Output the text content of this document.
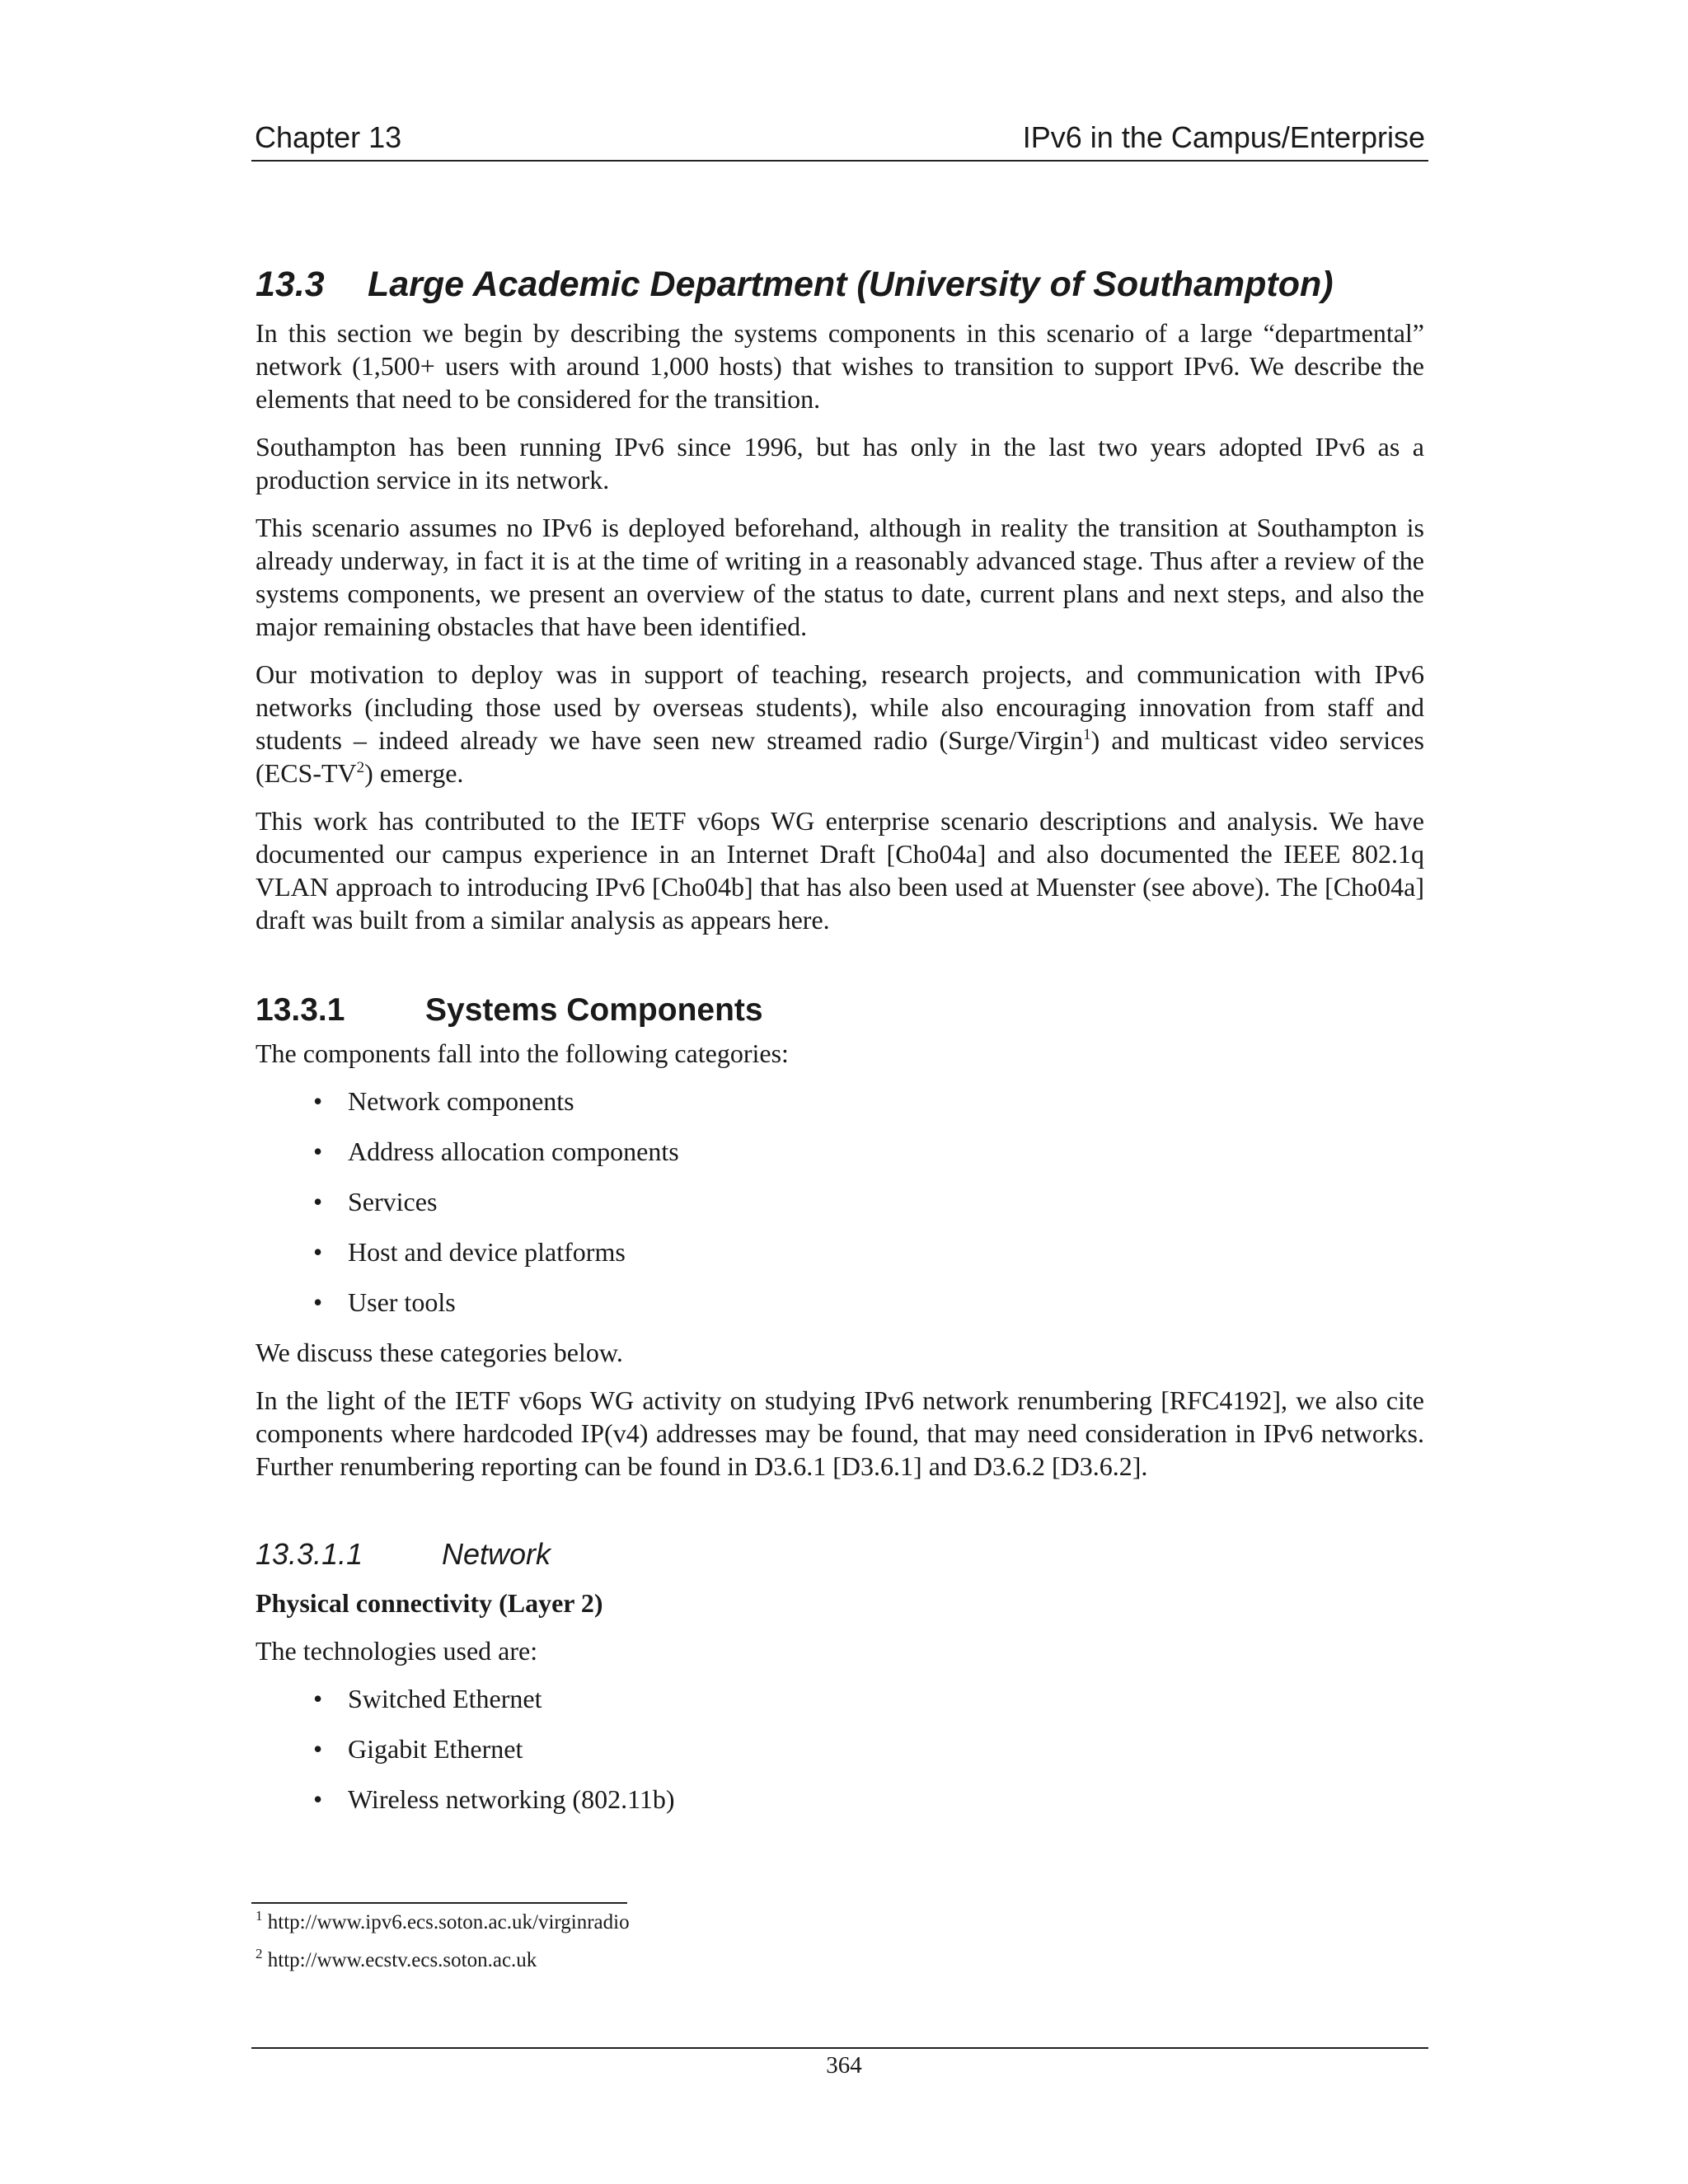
Chapter 13	IPv6 in the Campus/Enterprise
13.3 Large Academic Department (University of Southampton)

In this section we begin by describing the systems components in this scenario of a large “departmental” network (1,500+ users with around 1,000 hosts) that wishes to transition to support IPv6. We describe the elements that need to be considered for the transition.

Southampton has been running IPv6 since 1996, but has only in the last two years adopted IPv6 as a production service in its network.

This scenario assumes no IPv6 is deployed beforehand, although in reality the transition at Southampton is already underway, in fact it is at the time of writing in a reasonably advanced stage. Thus after a review of the systems components, we present an overview of the status to date, current plans and next steps, and also the major remaining obstacles that have been identified.

Our motivation to deploy was in support of teaching, research projects, and communication with IPv6 networks (including those used by overseas students), while also encouraging innovation from staff and students – indeed already we have seen new streamed radio (Surge/Virgin$^1$) and multicast video services $(ECS-TV^2)$ emerge.

This work has contributed to the IETF v6ops WG enterprise scenario descriptions and analysis. We have documented our campus experience in an Internet Draft [Cho04a] and also documented the IEEE 802.1q VLAN approach to introducing IPv6 [Cho04b] that has also been used at Muenster (see above). The [Cho04a] draft was built from a similar analysis as appears here.

13.3.1	Systems Components

The components fall into the following categories:

• Network components
• Address allocation components
• Services
• Host and device platforms
• User tools

We discuss these categories below.

In the light of the IETF v6ops WG activity on studying IPv6 network renumbering [RFC4192], we also cite components where hardcoded IP(v4) addresses may be found, that may need consideration in IPv6 networks. Further renumbering reporting can be found in D3.6.1 [D3.6.1] and D3.6.2 [D3.6.2].

13.3.1.1	Network

Physical connectivity (Layer 2)

The technologies used are:

• Switched Ethernet
• Gigabit Ethernet
• Wireless networking (802.11b)
$^1$ http://www.ipv6.ecs.soton.ac.uk/virginradio
$^2$ http://www.ecstv.ecs.soton.ac.uk
364
